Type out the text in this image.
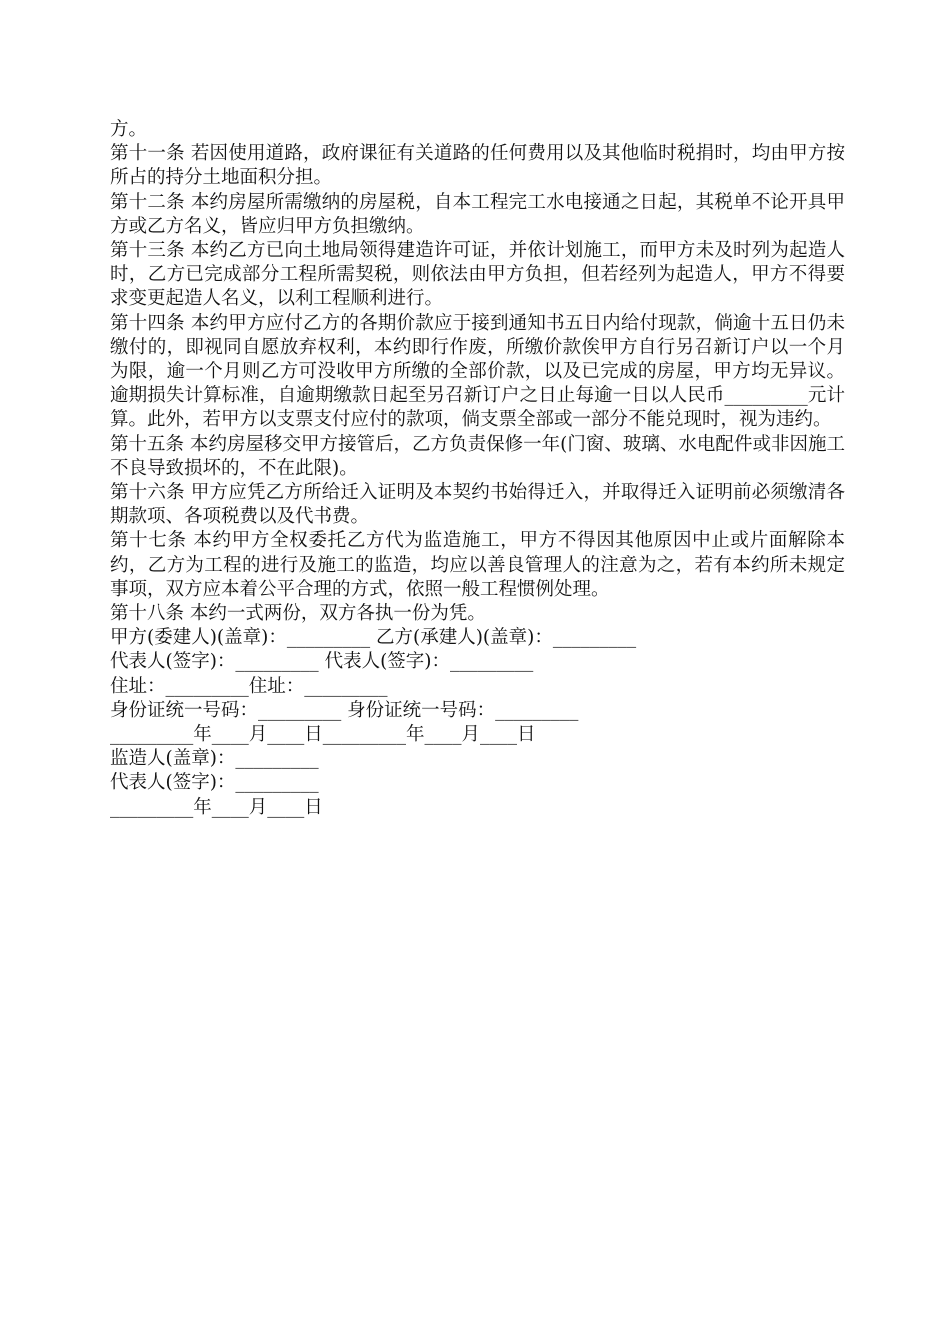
方。

第十一条 若因使用道路，政府课征有关道路的任何费用以及其他临时税捐时，均由甲方按所占的持分土地面积分担。

第十二条 本约房屋所需缴纳的房屋税，自本工程完工水电接通之日起，其税单不论开具甲方或乙方名义，皆应归甲方负担缴纳。

第十三条 本约乙方已向土地局领得建造许可证，并依计划施工，而甲方未及时列为起造人时，乙方已完成部分工程所需契税，则依法由甲方负担，但若经列为起造人，甲方不得要求变更起造人名义，以利工程顺利进行。

第十四条 本约甲方应付乙方的各期价款应于接到通知书五日内给付现款，倘逾十五日仍未缴付的，即视同自愿放弃权利，本约即行作废，所缴价款俟甲方自行另召新订户以一个月为限，逾一个月则乙方可没收甲方所缴的全部价款，以及已完成的房屋，甲方均无异议。逾期损失计算标准，自逾期缴款日起至另召新订户之日止每逾一日以人民币_________元计算。此外，若甲方以支票支付应付的款项，倘支票全部或一部分不能兑现时，视为违约。

第十五条 本约房屋移交甲方接管后，乙方负责保修一年(门窗、玻璃、水电配件或非因施工不良导致损坏的，不在此限)。

第十六条 甲方应凭乙方所给迁入证明及本契约书始得迁入，并取得迁入证明前必须缴清各期款项、各项税费以及代书费。

第十七条 本约甲方全权委托乙方代为监造施工，甲方不得因其他原因中止或片面解除本约，乙方为工程的进行及施工的监造，均应以善良管理人的注意为之，若有本约所未规定事项，双方应本着公平合理的方式，依照一般工程惯例处理。

第十八条 本约一式两份，双方各执一份为凭。

甲方(委建人)(盖章)：_________ 乙方(承建人)(盖章)：_________

代表人(签字)：_________ 代表人(签字)：_________

住址：_________住址：_________

身份证统一号码：_________ 身份证统一号码：_________

_________年____月____日_________年____月____日

监造人(盖章)：_________

代表人(签字)：_________

_________年____月____日
